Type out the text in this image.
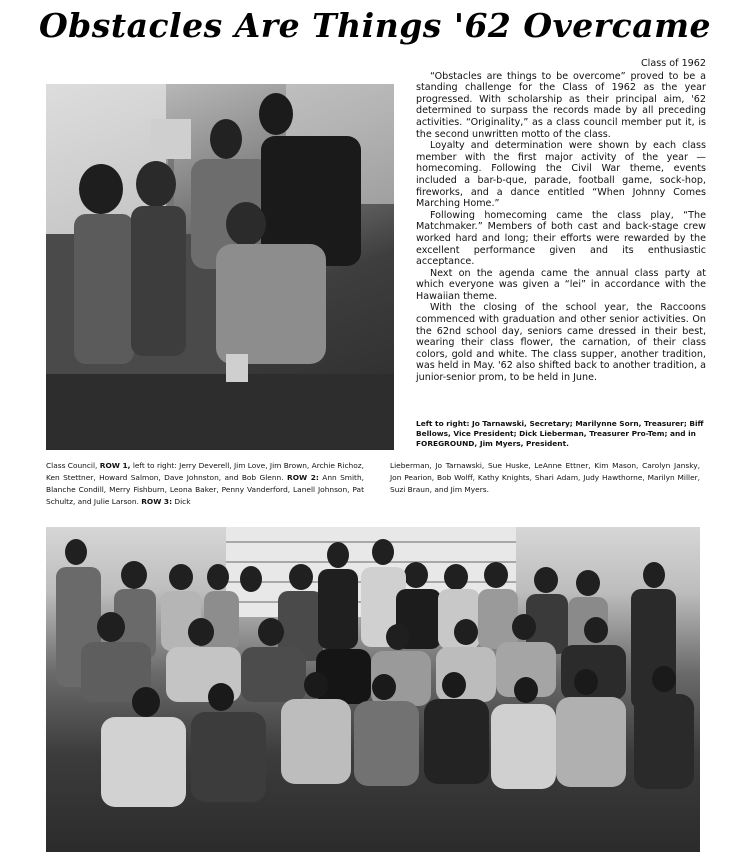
Obstacles Are Things '62 Overcame
Class of 1962

“Obstacles are things to be overcome” proved to be a standing challenge for the Class of 1962 as the year progressed. With scholarship as their principal aim, '62 determined to surpass the records made by all preceding activities. “Originality,” as a class council member put it, is the second unwritten motto of the class.

Loyalty and determination were shown by each class member with the first major activity of the year — homecoming. Following the Civil War theme, events included a bar-b-que, parade, football game, sock-hop, fireworks, and a dance entitled “When Johnny Comes Marching Home.”

Following homecoming came the class play, “The Matchmaker.” Members of both cast and back-stage crew worked hard and long; their efforts were rewarded by the excellent performance given and its enthusiastic acceptance.

Next on the agenda came the annual class party at which everyone was given a “lei” in accordance with the Hawaiian theme.

With the closing of the school year, the Raccoons commenced with graduation and other senior activities. On the 62nd school day, seniors came dressed in their best, wearing their class flower, the carnation, of their class colors, gold and white. The class supper, another tradition, was held in May. '62 also shifted back to another tradition, a junior-senior prom, to be held in June.

Left to right: Jo Tarnawski, Secretary; Marilynne Sorn, Treasurer; Biff Bellows, Vice President; Dick Lieberman, Treasurer Pro-Tem; and in FOREGROUND, Jim Myers, President.
Class Council, ROW 1, left to right: Jerry Deverell, Jim Love, Jim Brown, Archie Richoz, Ken Stettner, Howard Salmon, Dave Johnston, and Bob Glenn. ROW 2: Ann Smith, Blanche Condill, Merry Fishburn, Leona Baker, Penny Vanderford, Lanell Johnson, Pat Schultz, and Julie Larson. ROW 3: Dick
Lieberman, Jo Tarnawski, Sue Huske, LeAnne Ettner, Kim Mason, Carolyn Jansky, Jon Pearion, Bob Wolff, Kathy Knights, Shari Adam, Judy Hawthorne, Marilyn Miller, Suzi Braun, and Jim Myers.
